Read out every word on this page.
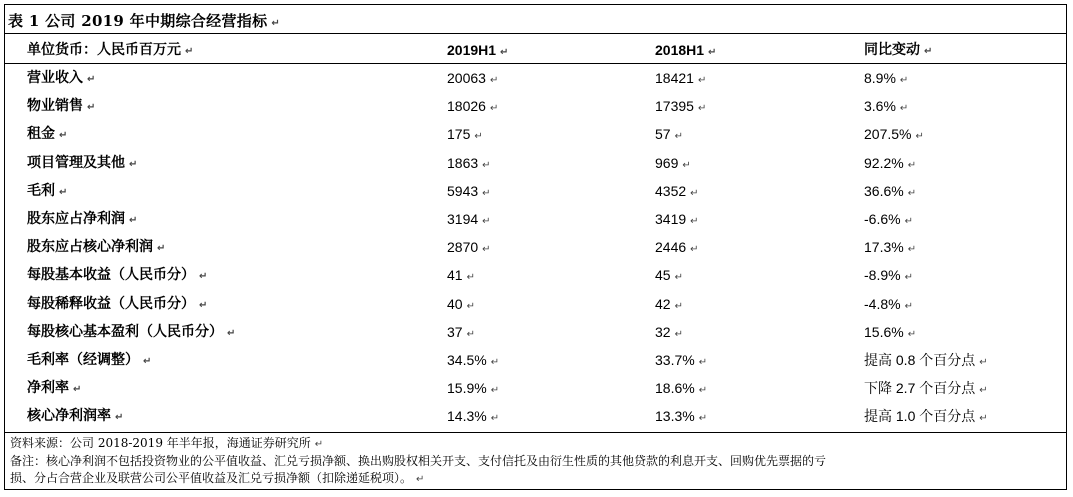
表 1 公司 2019 年中期综合经营指标 ↵
单位货币：人民币百万元 ↵	2019H1 ↵	2018H1 ↵	同比变动 ↵
营业收入 ↵	20063 ↵	18421 ↵	8.9% ↵
物业销售 ↵	18026 ↵	17395 ↵	3.6% ↵
租金 ↵	175 ↵	57 ↵	207.5% ↵
项目管理及其他 ↵	1863 ↵	969 ↵	92.2% ↵
毛利 ↵	5943 ↵	4352 ↵	36.6% ↵
股东应占净利润 ↵	3194 ↵	3419 ↵	-6.6% ↵
股东应占核心净利润 ↵	2870 ↵	2446 ↵	17.3% ↵
每股基本收益（人民币分） ↵	41 ↵	45 ↵	-8.9% ↵
每股稀释收益（人民币分） ↵	40 ↵	42 ↵	-4.8% ↵
每股核心基本盈利（人民币分） ↵	37 ↵	32 ↵	15.6% ↵
毛利率（经调整） ↵	34.5% ↵	33.7% ↵	提高 0.8 个百分点 ↵
净利率 ↵	15.9% ↵	18.6% ↵	下降 2.7 个百分点 ↵
核心净利润率 ↵	14.3% ↵	13.3% ↵	提高 1.0 个百分点 ↵
资料来源：公司 2018-2019 年半年报，海通证券研究所 ↵
备注：核心净利润不包括投资物业的公平值收益、汇兑亏损净额、换出购股权相关开支、支付信托及由衍生性质的其他贷款的利息开支、回购优先票据的亏
损、分占合营企业及联营公司公平值收益及汇兑亏损净额（扣除递延税项）。 ↵
